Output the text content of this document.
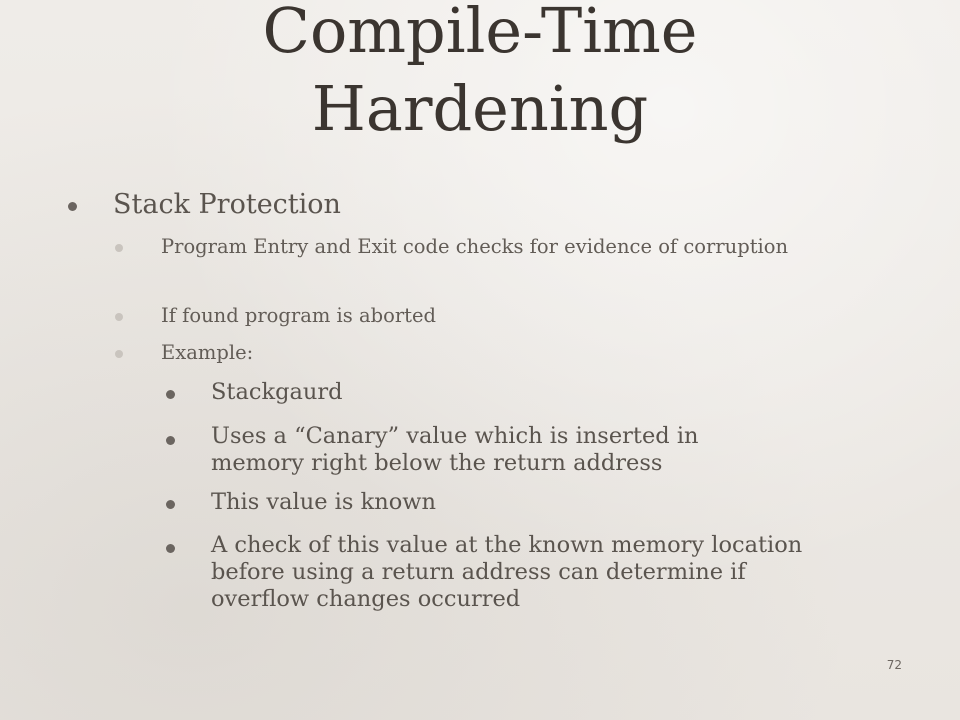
Compile-Time
Hardening
Stack Protection
Program Entry and Exit code checks for evidence of corruption
If found program is aborted
Example:
Stackgaurd
Uses a “Canary” value which is inserted in memory right below the return address
This value is known
A check of this value at the known memory location before using a return address can determine if overflow changes occurred
72
